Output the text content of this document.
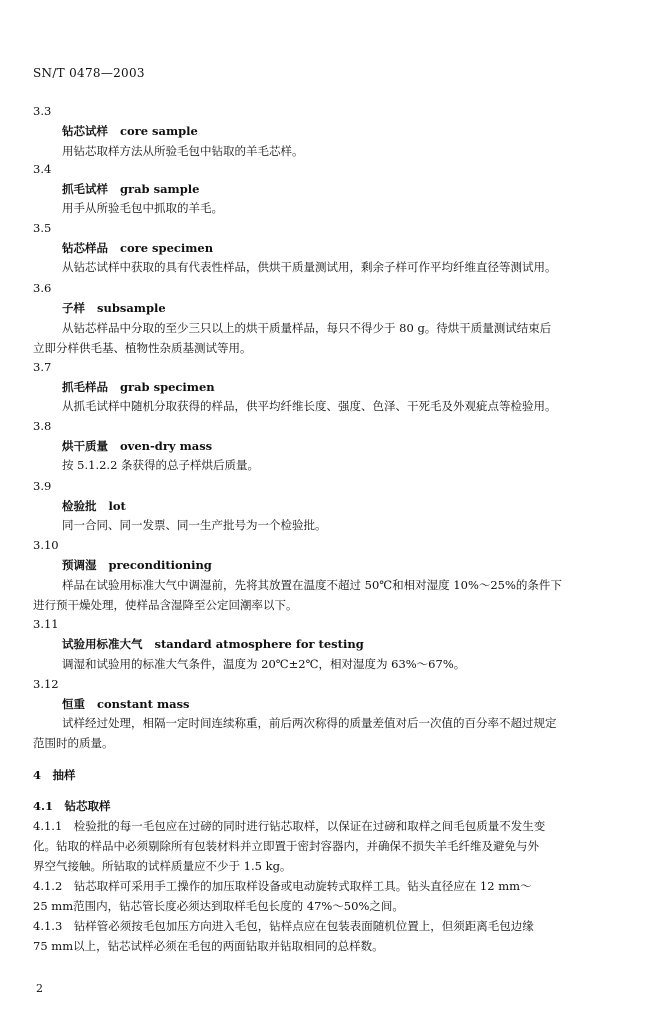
SN/T 0478—2003
3.3
钻芯试样 core sample
用钻芯取样方法从所验毛包中钻取的羊毛芯样。
3.4
抓毛试样 grab sample
用手从所验毛包中抓取的羊毛。
3.5
钻芯样品 core specimen
从钻芯试样中获取的具有代表性样品，供烘干质量测试用，剩余子样可作平均纤维直径等测试用。
3.6
子样 subsample
从钻芯样品中分取的至少三只以上的烘干质量样品，每只不得少于 80 g。待烘干质量测试结束后
立即分样供毛基、植物性杂质基测试等用。
3.7
抓毛样品 grab specimen
从抓毛试样中随机分取获得的样品，供平均纤维长度、强度、色泽、干死毛及外观疵点等检验用。
3.8
烘干质量 oven-dry mass
按 5.1.2.2 条获得的总子样烘后质量。
3.9
检验批 lot
同一合同、同一发票、同一生产批号为一个检验批。
3.10
预调湿 preconditioning
样品在试验用标准大气中调湿前，先将其放置在温度不超过 50℃和相对湿度 10%～25%的条件下
进行预干燥处理，使样品含湿降至公定回潮率以下。
3.11
试验用标准大气 standard atmosphere for testing
调湿和试验用的标准大气条件，温度为 20℃±2℃，相对湿度为 63%～67%。
3.12
恒重 constant mass
试样经过处理，相隔一定时间连续称重，前后两次称得的质量差值对后一次值的百分率不超过规定
范围时的质量。
4　抽样
4.1　钻芯取样
4.1.1　检验批的每一毛包应在过磅的同时进行钻芯取样，以保证在过磅和取样之间毛包质量不发生变
化。钻取的样品中必须剔除所有包装材料并立即置于密封容器内，并确保不损失羊毛纤维及避免与外
界空气接触。所钻取的试样质量应不少于 1.5 kg。
4.1.2　钻芯取样可采用手工操作的加压取样设备或电动旋转式取样工具。钻头直径应在 12 mm～
25 mm范围内，钻芯管长度必须达到取样毛包长度的 47%～50%之间。
4.1.3　钻样管必须按毛包加压方向进入毛包，钻样点应在包装表面随机位置上，但须距离毛包边缘
75 mm以上，钻芯试样必须在毛包的两面钻取并钻取相同的总样数。
2
